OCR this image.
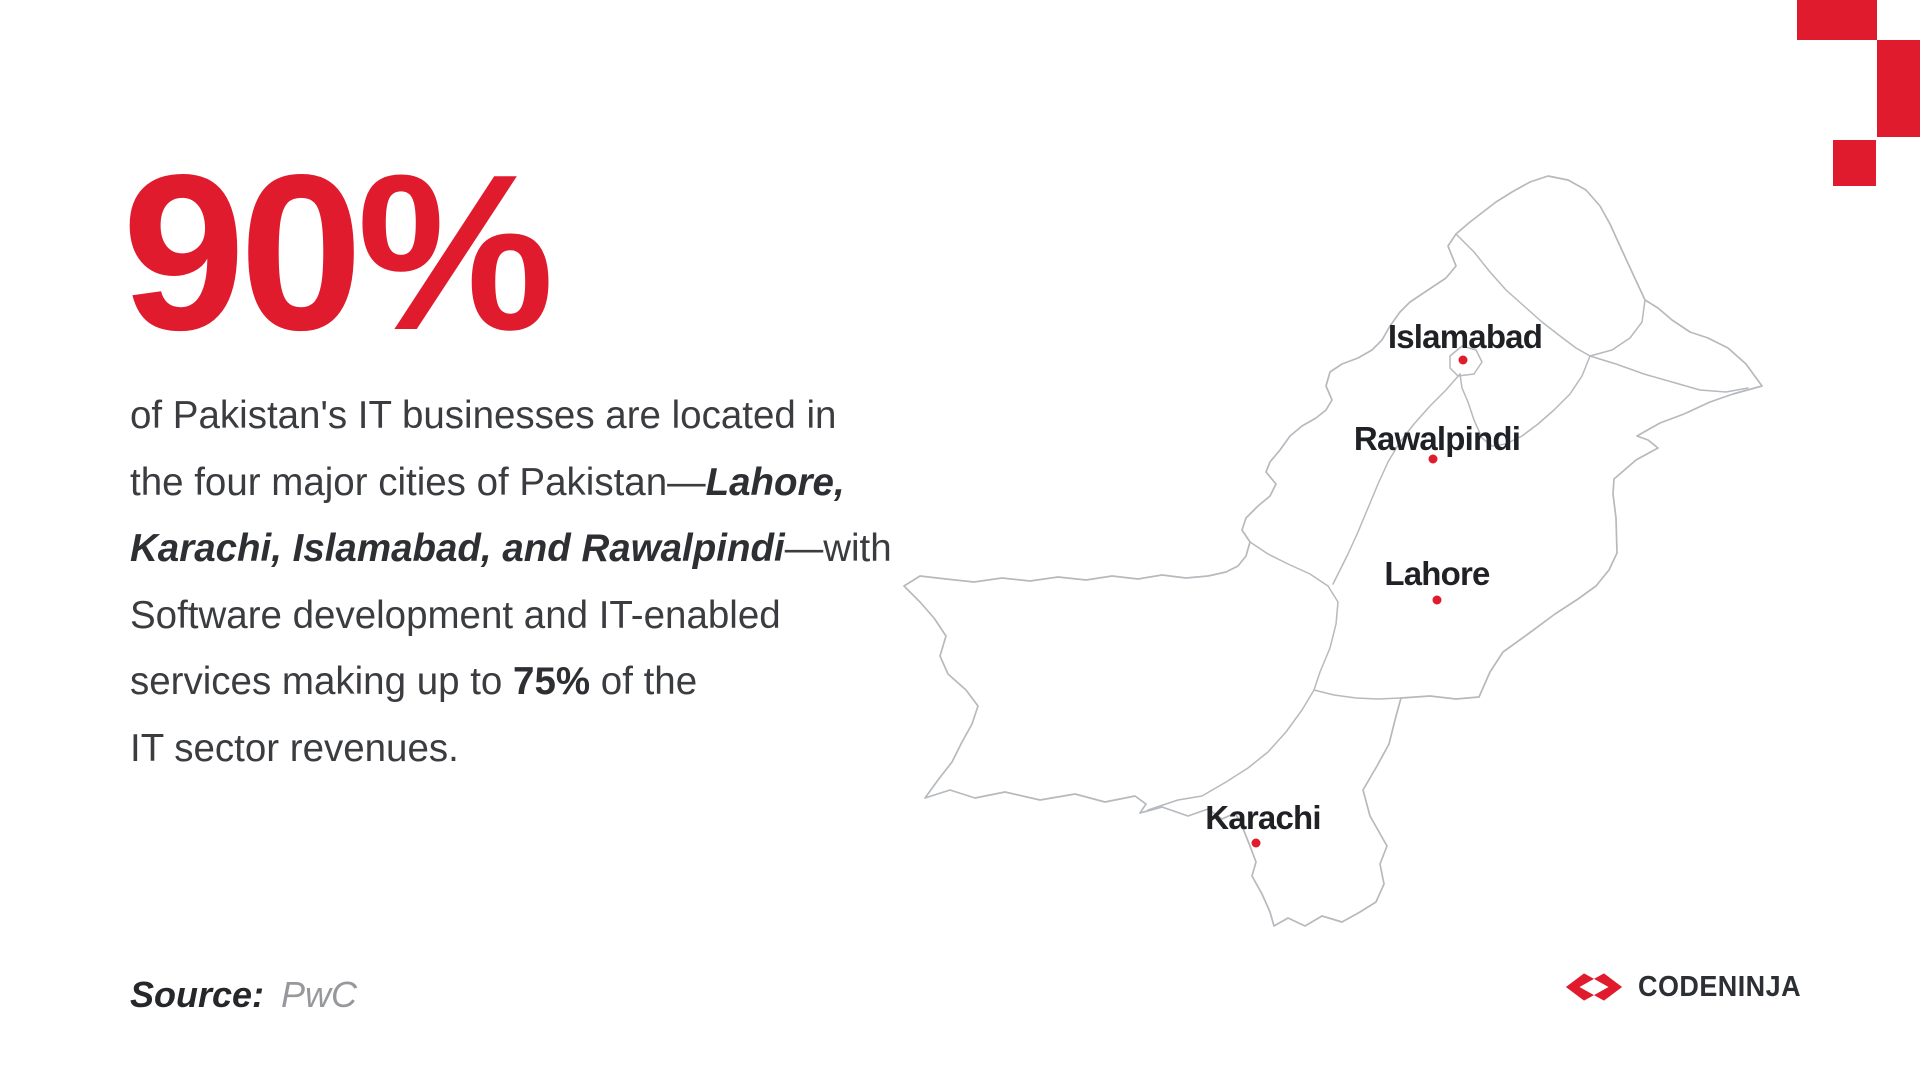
90%
of Pakistan's IT businesses are located in
the four major cities of Pakistan—Lahore,
Karachi, Islamabad, and Rawalpindi—with
Software development and IT-enabled
services making up to 75% of the
IT sector revenues.
Source: PwC
Islamabad
Rawalpindi
Lahore
Karachi
CODENINJA
